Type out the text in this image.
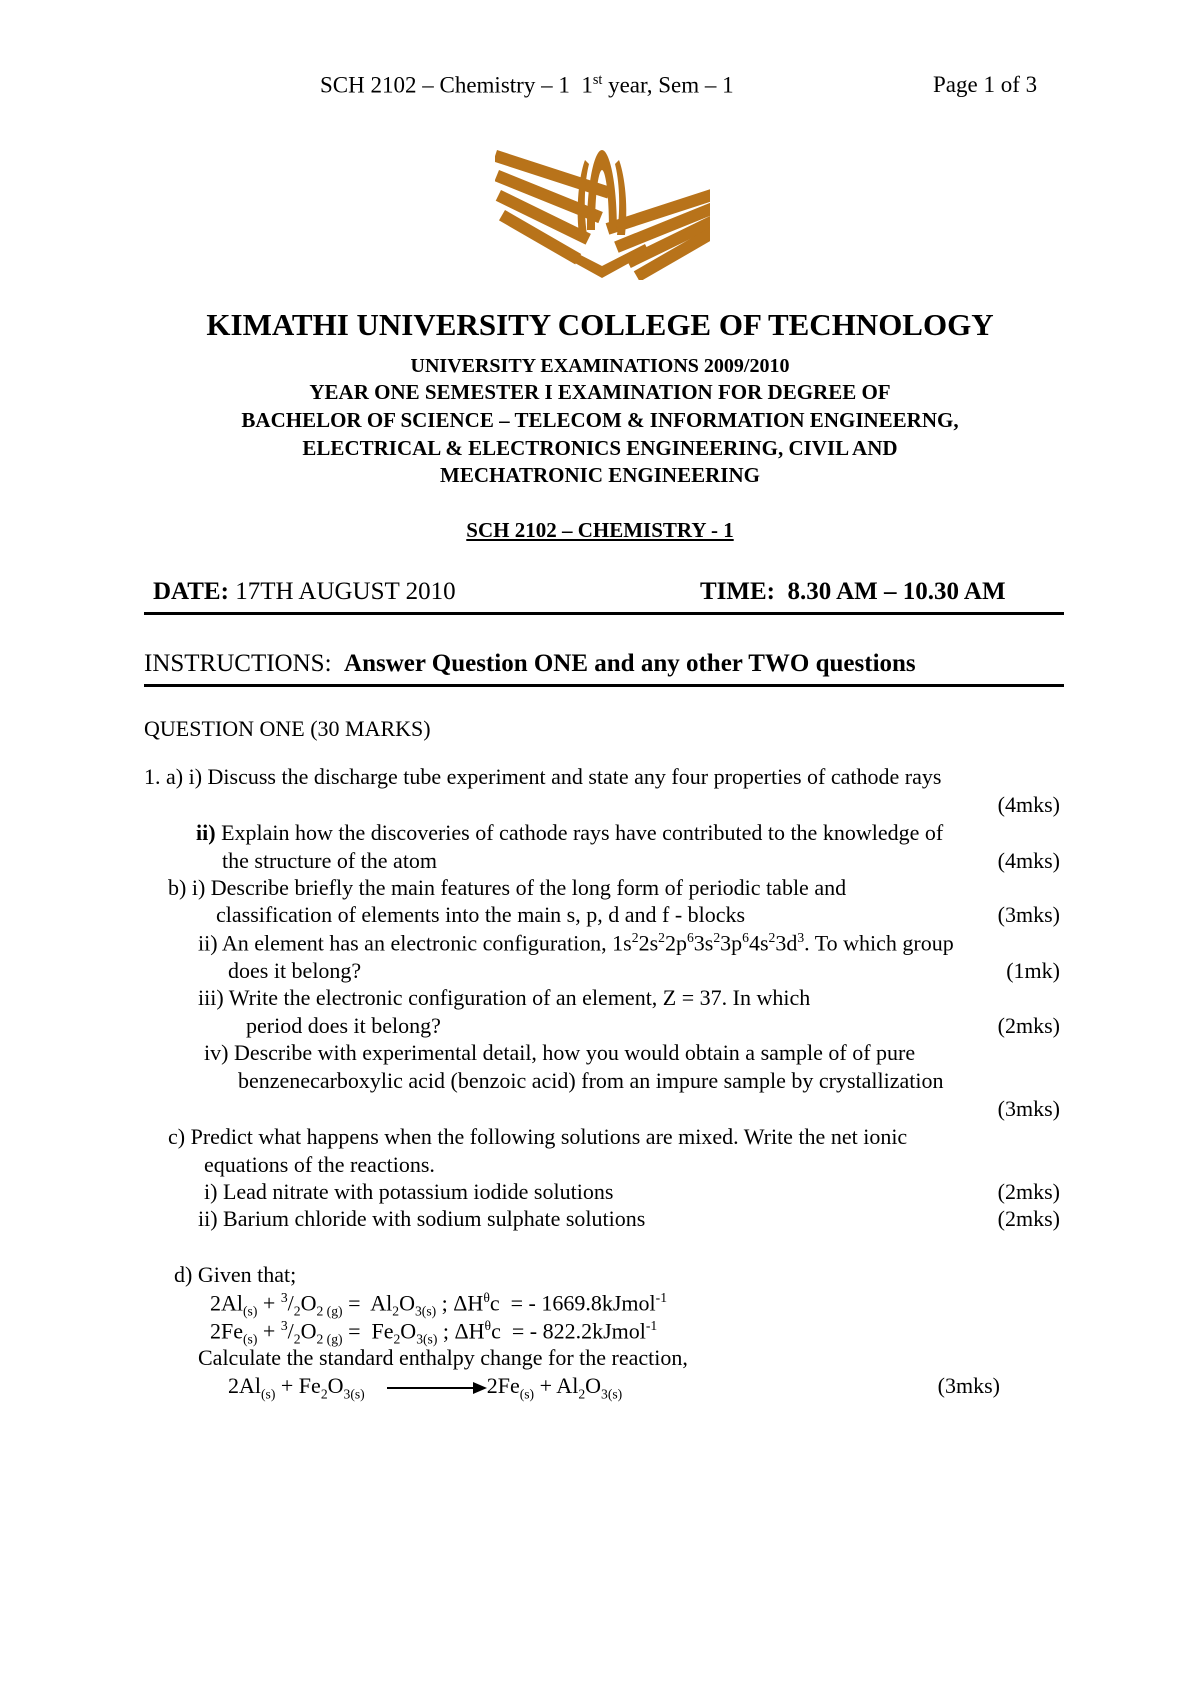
SCH 2102 – Chemistry – 1  1st year, Sem – 1	Page 1 of 3
KIMATHI UNIVERSITY COLLEGE OF TECHNOLOGY
UNIVERSITY EXAMINATIONS 2009/2010
YEAR ONE SEMESTER I EXAMINATION FOR DEGREE OF
BACHELOR OF SCIENCE – TELECOM & INFORMATION ENGINEERNG,
ELECTRICAL & ELECTRONICS ENGINEERING, CIVIL AND
MECHATRONIC ENGINEERING
SCH 2102 – CHEMISTRY - 1
DATE: 17TH AUGUST 2010	TIME: 8.30 AM – 10.30 AM
INSTRUCTIONS: Answer Question ONE and any other TWO questions
QUESTION ONE (30 MARKS)
1. a) i) Discuss the discharge tube experiment and state any four properties of cathode rays
(4mks)
ii) Explain how the discoveries of cathode rays have contributed to the knowledge of
the structure of the atom	(4mks)
b) i) Describe briefly the main features of the long form of periodic table and
classification of elements into the main s, p, d and f - blocks	(3mks)
ii) An element has an electronic configuration, $1s^22s^22p^63s^23p^64s^23d^3$. To which group
does it belong?	(1mk)
iii) Write the electronic configuration of an element, Z = 37. In which
period does it belong?	(2mks)
iv) Describe with experimental detail, how you would obtain a sample of of pure
benzenecarboxylic acid (benzoic acid) from an impure sample by crystallization
(3mks)
c) Predict what happens when the following solutions are mixed. Write the net ionic
equations of the reactions.
i) Lead nitrate with potassium iodide solutions	(2mks)
ii) Barium chloride with sodium sulphate solutions	(2mks)
d) Given that;
$2Al_{(s)} + ^3/_2O_{2 (g)} = Al_2O_{3(s)}$ ; $\Delta H^\theta c$  = - 1669.8kJmol$^{-1}$
$2Fe_{(s)} + ^3/_2O_{2 (g)} = Fe_2O_{3(s)}$ ; $\Delta H^\theta c$  = - 822.2kJmol$^{-1}$
Calculate the standard enthalpy change for the reaction,
$2Al_{(s)} + Fe_2O_{3(s)}$	$2Fe_{(s)} + Al_2O_{3(s)}$	(3mks)
